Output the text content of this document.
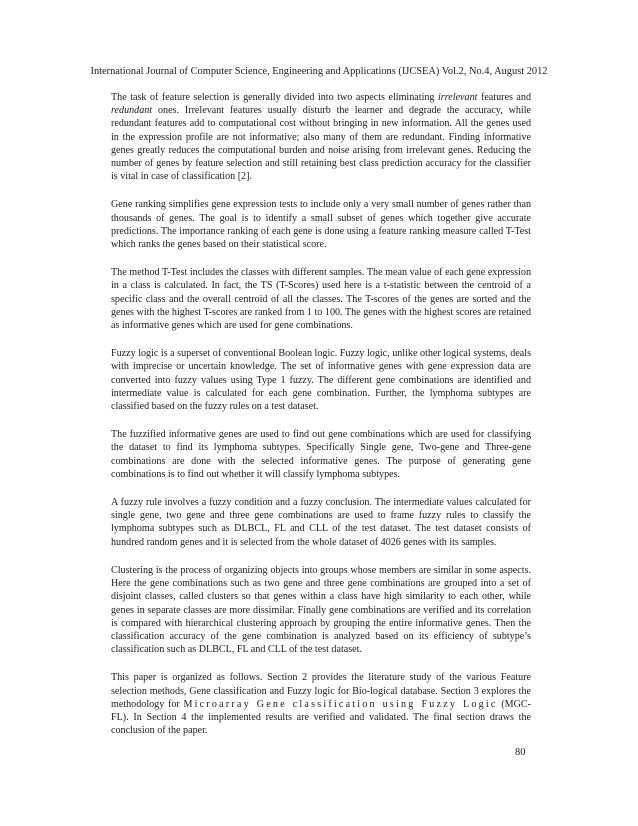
International Journal of Computer Science, Engineering and Applications (IJCSEA) Vol.2, No.4, August 2012

The task of feature selection is generally divided into two aspects eliminating irrelevant features and redundant ones. Irrelevant features usually disturb the learner and degrade the accuracy, while redundant features add to computational cost without bringing in new information. All the genes used in the expression profile are not informative; also many of them are redundant. Finding informative genes greatly reduces the computational burden and noise arising from irrelevant genes. Reducing the number of genes by feature selection and still retaining best class prediction accuracy for the classifier is vital in case of classification [2].

Gene ranking simplifies gene expression tests to include only a very small number of genes rather than thousands of genes. The goal is to identify a small subset of genes which together give accurate predictions. The importance ranking of each gene is done using a feature ranking measure called T-Test which ranks the genes based on their statistical score.

The method T-Test includes the classes with different samples. The mean value of each gene expression in a class is calculated. In fact, the TS (T-Scores) used here is a t-statistic between the centroid of a specific class and the overall centroid of all the classes. The T-scores of the genes are sorted and the genes with the highest T-scores are ranked from 1 to 100. The genes with the highest scores are retained as informative genes which are used for gene combinations.

Fuzzy logic is a superset of conventional Boolean logic. Fuzzy logic, unlike other logical systems, deals with imprecise or uncertain knowledge. The set of informative genes with gene expression data are converted into fuzzy values using Type 1 fuzzy. The different gene combinations are identified and intermediate value is calculated for each gene combination. Further, the lymphoma subtypes are classified based on the fuzzy rules on a test dataset.

The fuzzified informative genes are used to find out gene combinations which are used for classifying the dataset to find its lymphoma subtypes. Specifically Single gene, Two-gene and Three-gene combinations are done with the selected informative genes. The purpose of generating gene combinations is to find out whether it will classify lymphoma subtypes.

A fuzzy rule involves a fuzzy condition and a fuzzy conclusion. The intermediate values calculated for single gene, two gene and three gene combinations are used to frame fuzzy rules to classify the lymphoma subtypes such as DLBCL, FL and CLL of the test dataset. The test dataset consists of hundred random genes and it is selected from the whole dataset of 4026 genes with its samples.

Clustering is the process of organizing objects into groups whose members are similar in some aspects. Here the gene combinations such as two gene and three gene combinations are grouped into a set of disjoint classes, called clusters so that genes within a class have high similarity to each other, while genes in separate classes are more dissimilar. Finally gene combinations are verified and its correlation is compared with hierarchical clustering approach by grouping the entire informative genes. Then the classification accuracy of the gene combination is analyzed based on its efficiency of subtype’s classification such as DLBCL, FL and CLL of the test dataset.

This paper is organized as follows. Section 2 provides the literature study of the various Feature selection methods, Gene classification and Fuzzy logic for Bio-logical database. Section 3 explores the methodology for Microarray Gene classification using Fuzzy Logic (MGC-FL). In Section 4 the implemented results are verified and validated. The final section draws the conclusion of the paper.

80
